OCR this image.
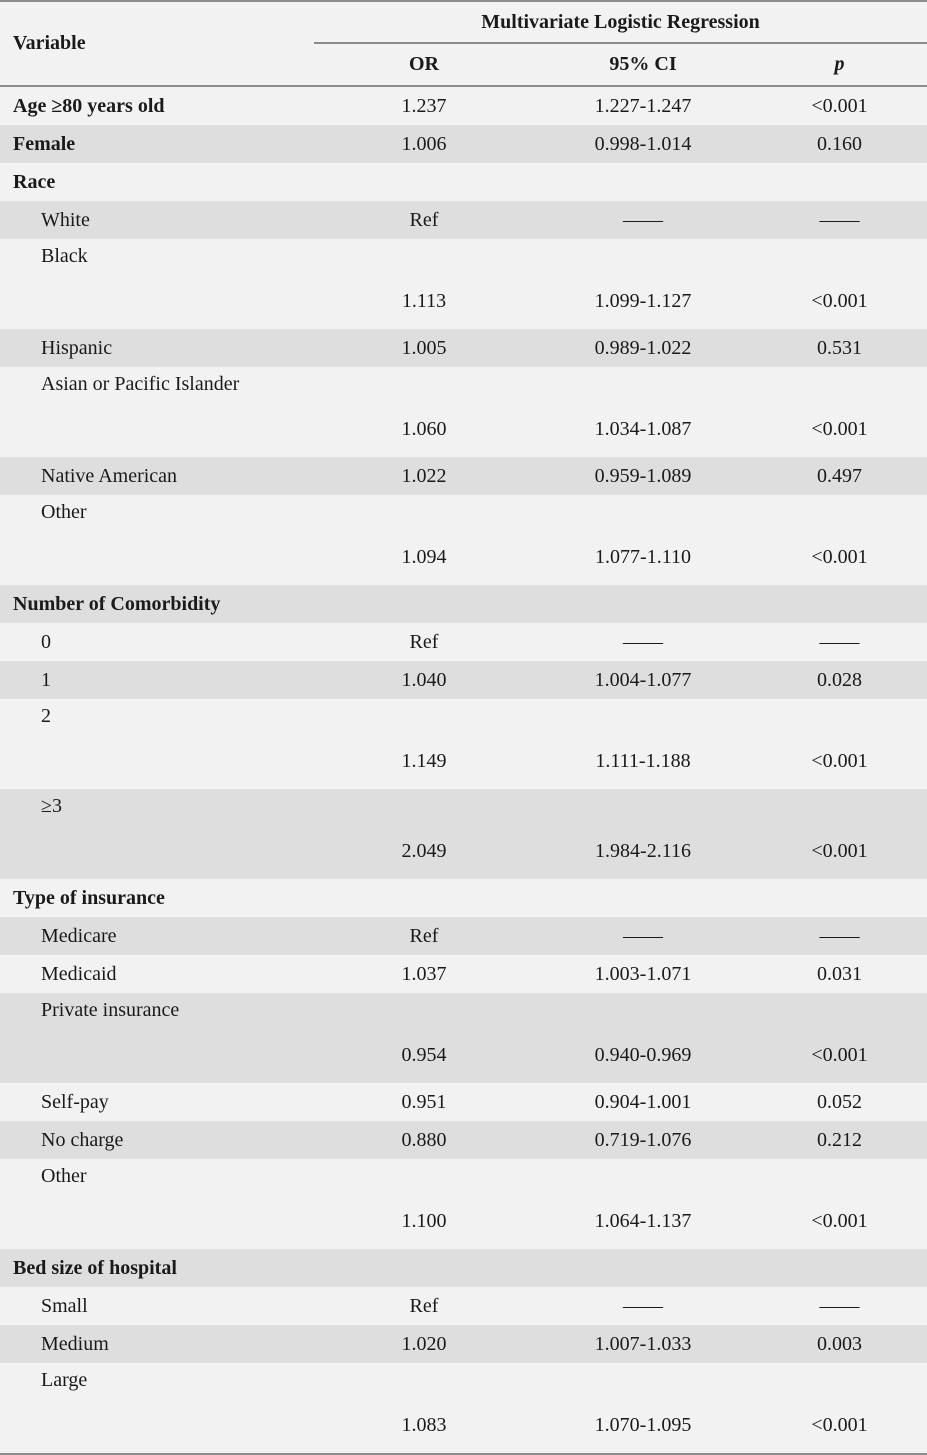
Variable	Multivariate Logistic Regression		
	OR	95% CI	p
Age ≥80 years old	1.237	1.227-1.247	<0.001
Female	1.006	0.998-1.014	0.160
Race			
White	Ref	——	——
Black	1.113	1.099-1.127	<0.001
Hispanic	1.005	0.989-1.022	0.531
Asian or Pacific Islander	1.060	1.034-1.087	<0.001
Native American	1.022	0.959-1.089	0.497
Other	1.094	1.077-1.110	<0.001
Number of Comorbidity			
0	Ref	——	——
1	1.040	1.004-1.077	0.028
2	1.149	1.111-1.188	<0.001
≥3	2.049	1.984-2.116	<0.001
Type of insurance			
Medicare	Ref	——	——
Medicaid	1.037	1.003-1.071	0.031
Private insurance	0.954	0.940-0.969	<0.001
Self-pay	0.951	0.904-1.001	0.052
No charge	0.880	0.719-1.076	0.212
Other	1.100	1.064-1.137	<0.001
Bed size of hospital			
Small	Ref	——	——
Medium	1.020	1.007-1.033	0.003
Large	1.083	1.070-1.095	<0.001
